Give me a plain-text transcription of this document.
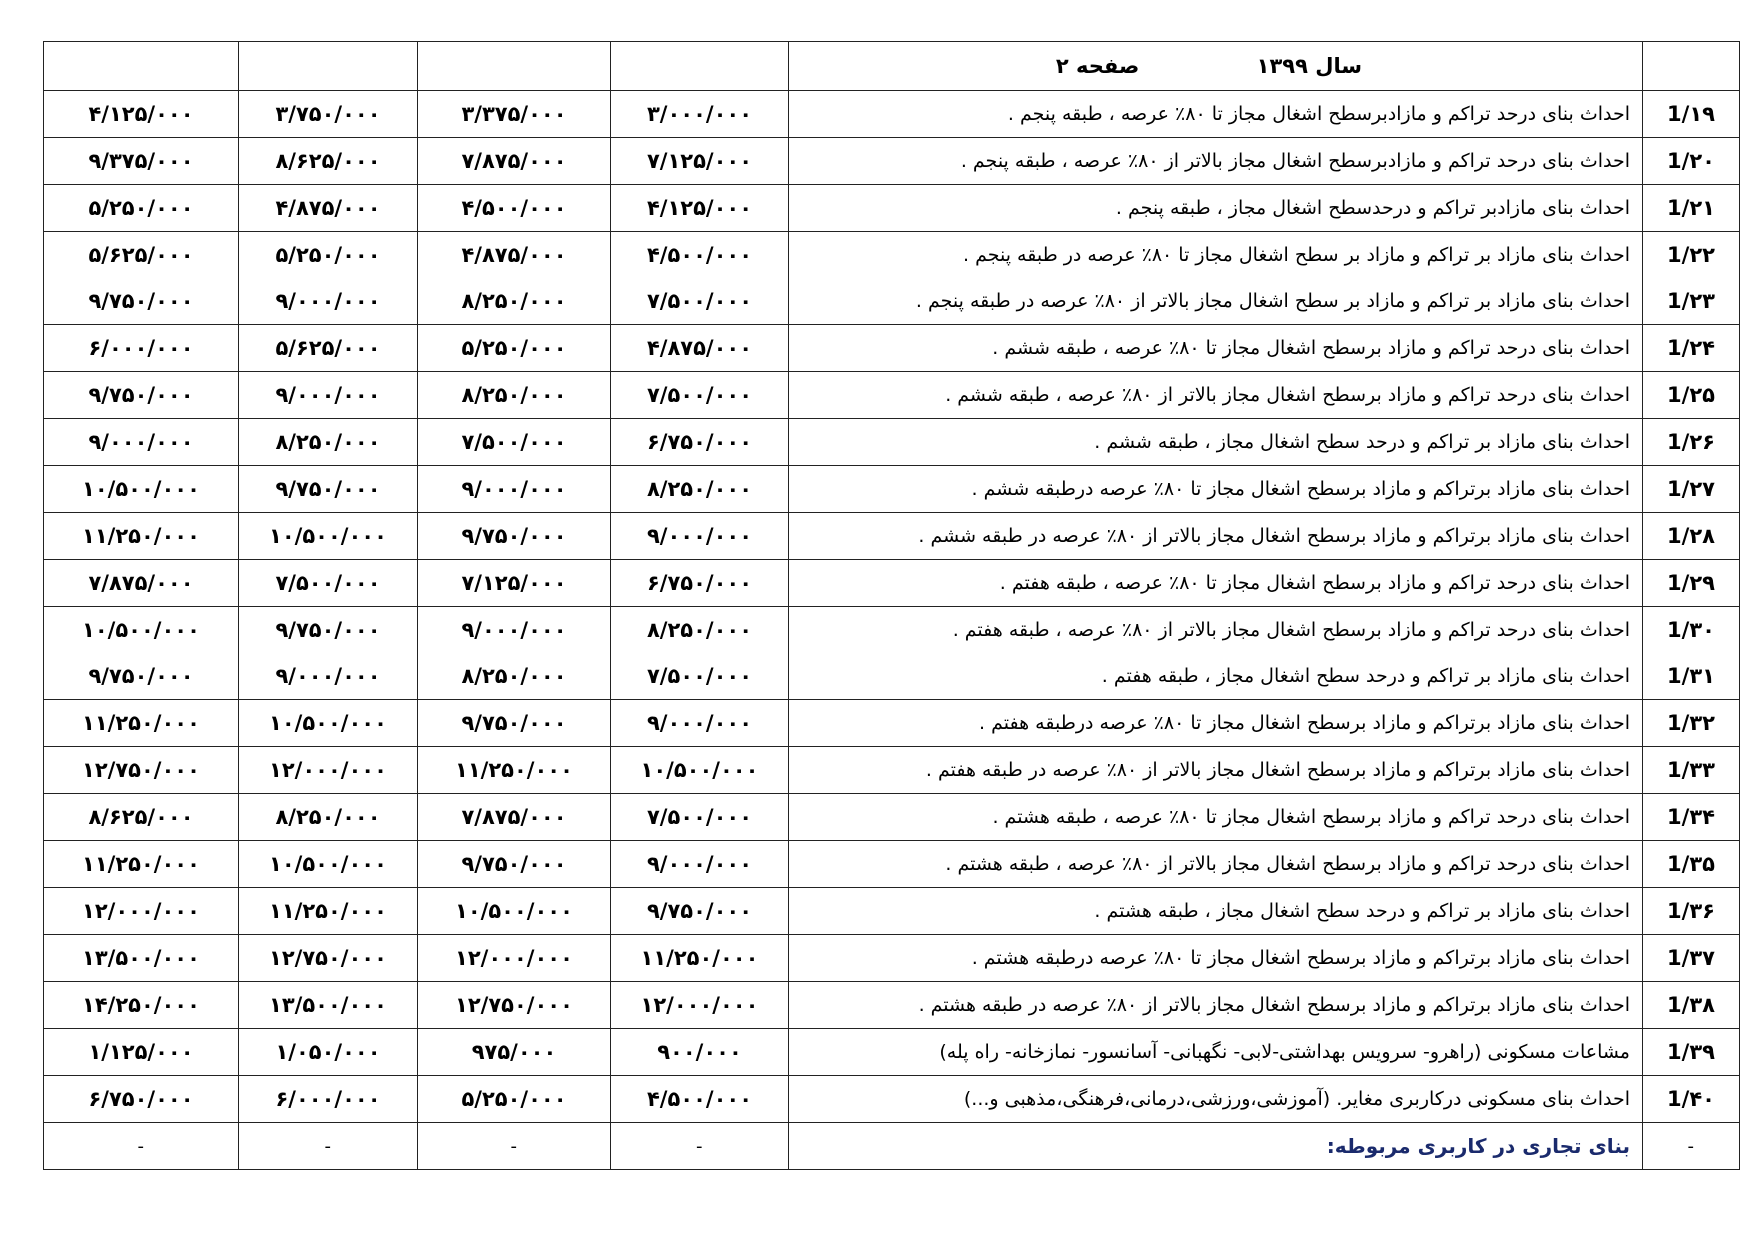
	سال ۱۳۹۹ صفحه ۲				
1/۱۹	احداث بنای درحد تراکم و مازادبرسطح اشغال مجاز تا ۸۰٪ عرصه ، طبقه پنجم .	۳/۰۰۰/۰۰۰	۳/۳۷۵/۰۰۰	۳/۷۵۰/۰۰۰	۴/۱۲۵/۰۰۰
1/۲۰	احداث بنای درحد تراکم و مازادبرسطح اشغال مجاز بالاتر از ۸۰٪ عرصه ، طبقه پنجم .	۷/۱۲۵/۰۰۰	۷/۸۷۵/۰۰۰	۸/۶۲۵/۰۰۰	۹/۳۷۵/۰۰۰
1/۲۱	احداث بنای مازادبر تراکم و درحدسطح اشغال مجاز ، طبقه پنجم .	۴/۱۲۵/۰۰۰	۴/۵۰۰/۰۰۰	۴/۸۷۵/۰۰۰	۵/۲۵۰/۰۰۰
1/۲۲	احداث بنای مازاد بر تراکم و مازاد بر سطح اشغال مجاز تا ۸۰٪ عرصه در طبقه پنجم .	۴/۵۰۰/۰۰۰	۴/۸۷۵/۰۰۰	۵/۲۵۰/۰۰۰	۵/۶۲۵/۰۰۰
1/۲۳	احداث بنای مازاد بر تراکم و مازاد بر سطح اشغال مجاز بالاتر از ۸۰٪ عرصه در طبقه پنجم .	۷/۵۰۰/۰۰۰	۸/۲۵۰/۰۰۰	۹/۰۰۰/۰۰۰	۹/۷۵۰/۰۰۰
1/۲۴	احداث بنای درحد تراکم و مازاد برسطح اشغال مجاز تا ۸۰٪ عرصه ، طبقه ششم .	۴/۸۷۵/۰۰۰	۵/۲۵۰/۰۰۰	۵/۶۲۵/۰۰۰	۶/۰۰۰/۰۰۰
1/۲۵	احداث بنای درحد تراکم و مازاد برسطح اشغال مجاز بالاتر از ۸۰٪ عرصه ، طبقه ششم .	۷/۵۰۰/۰۰۰	۸/۲۵۰/۰۰۰	۹/۰۰۰/۰۰۰	۹/۷۵۰/۰۰۰
1/۲۶	احداث بنای مازاد بر تراکم و درحد سطح اشغال مجاز ، طبقه ششم .	۶/۷۵۰/۰۰۰	۷/۵۰۰/۰۰۰	۸/۲۵۰/۰۰۰	۹/۰۰۰/۰۰۰
1/۲۷	احداث بنای مازاد برتراکم و مازاد برسطح اشغال مجاز تا ۸۰٪ عرصه درطبقه ششم .	۸/۲۵۰/۰۰۰	۹/۰۰۰/۰۰۰	۹/۷۵۰/۰۰۰	۱۰/۵۰۰/۰۰۰
1/۲۸	احداث بنای مازاد برتراکم و مازاد برسطح اشغال مجاز بالاتر از ۸۰٪ عرصه در طبقه ششم .	۹/۰۰۰/۰۰۰	۹/۷۵۰/۰۰۰	۱۰/۵۰۰/۰۰۰	۱۱/۲۵۰/۰۰۰
1/۲۹	احداث بنای درحد تراکم و مازاد برسطح اشغال مجاز تا ۸۰٪ عرصه ، طبقه هفتم .	۶/۷۵۰/۰۰۰	۷/۱۲۵/۰۰۰	۷/۵۰۰/۰۰۰	۷/۸۷۵/۰۰۰
1/۳۰	احداث بنای درحد تراکم و مازاد برسطح اشغال مجاز بالاتر از ۸۰٪ عرصه ، طبقه هفتم .	۸/۲۵۰/۰۰۰	۹/۰۰۰/۰۰۰	۹/۷۵۰/۰۰۰	۱۰/۵۰۰/۰۰۰
1/۳۱	احداث بنای مازاد بر تراکم و درحد سطح اشغال مجاز ، طبقه هفتم .	۷/۵۰۰/۰۰۰	۸/۲۵۰/۰۰۰	۹/۰۰۰/۰۰۰	۹/۷۵۰/۰۰۰
1/۳۲	احداث بنای مازاد برتراکم و مازاد برسطح اشغال مجاز تا ۸۰٪ عرصه درطبقه هفتم .	۹/۰۰۰/۰۰۰	۹/۷۵۰/۰۰۰	۱۰/۵۰۰/۰۰۰	۱۱/۲۵۰/۰۰۰
1/۳۳	احداث بنای مازاد برتراکم و مازاد برسطح اشغال مجاز بالاتر از ۸۰٪ عرصه در طبقه هفتم .	۱۰/۵۰۰/۰۰۰	۱۱/۲۵۰/۰۰۰	۱۲/۰۰۰/۰۰۰	۱۲/۷۵۰/۰۰۰
1/۳۴	احداث بنای درحد تراکم و مازاد برسطح اشغال مجاز تا ۸۰٪ عرصه ، طبقه هشتم .	۷/۵۰۰/۰۰۰	۷/۸۷۵/۰۰۰	۸/۲۵۰/۰۰۰	۸/۶۲۵/۰۰۰
1/۳۵	احداث بنای درحد تراکم و مازاد برسطح اشغال مجاز بالاتر از ۸۰٪ عرصه ، طبقه هشتم .	۹/۰۰۰/۰۰۰	۹/۷۵۰/۰۰۰	۱۰/۵۰۰/۰۰۰	۱۱/۲۵۰/۰۰۰
1/۳۶	احداث بنای مازاد بر تراکم و درحد سطح اشغال مجاز ، طبقه هشتم .	۹/۷۵۰/۰۰۰	۱۰/۵۰۰/۰۰۰	۱۱/۲۵۰/۰۰۰	۱۲/۰۰۰/۰۰۰
1/۳۷	احداث بنای مازاد برتراکم و مازاد برسطح اشغال مجاز تا ۸۰٪ عرصه درطبقه هشتم .	۱۱/۲۵۰/۰۰۰	۱۲/۰۰۰/۰۰۰	۱۲/۷۵۰/۰۰۰	۱۳/۵۰۰/۰۰۰
1/۳۸	احداث بنای مازاد برتراکم و مازاد برسطح اشغال مجاز بالاتر از ۸۰٪ عرصه در طبقه هشتم .	۱۲/۰۰۰/۰۰۰	۱۲/۷۵۰/۰۰۰	۱۳/۵۰۰/۰۰۰	۱۴/۲۵۰/۰۰۰
1/۳۹	مشاعات مسکونی (راهرو- سرویس بهداشتی-لابی- نگهبانی- آسانسور- نمازخانه- راه پله)	۹۰۰/۰۰۰	۹۷۵/۰۰۰	۱/۰۵۰/۰۰۰	۱/۱۲۵/۰۰۰
1/۴۰	احداث بنای مسکونی درکاربری مغایر. (آموزشی،ورزشی،درمانی،فرهنگی،مذهبی و...)	۴/۵۰۰/۰۰۰	۵/۲۵۰/۰۰۰	۶/۰۰۰/۰۰۰	۶/۷۵۰/۰۰۰
-	بنای تجاری در کاربری مربوطه:	-	-	-	-
